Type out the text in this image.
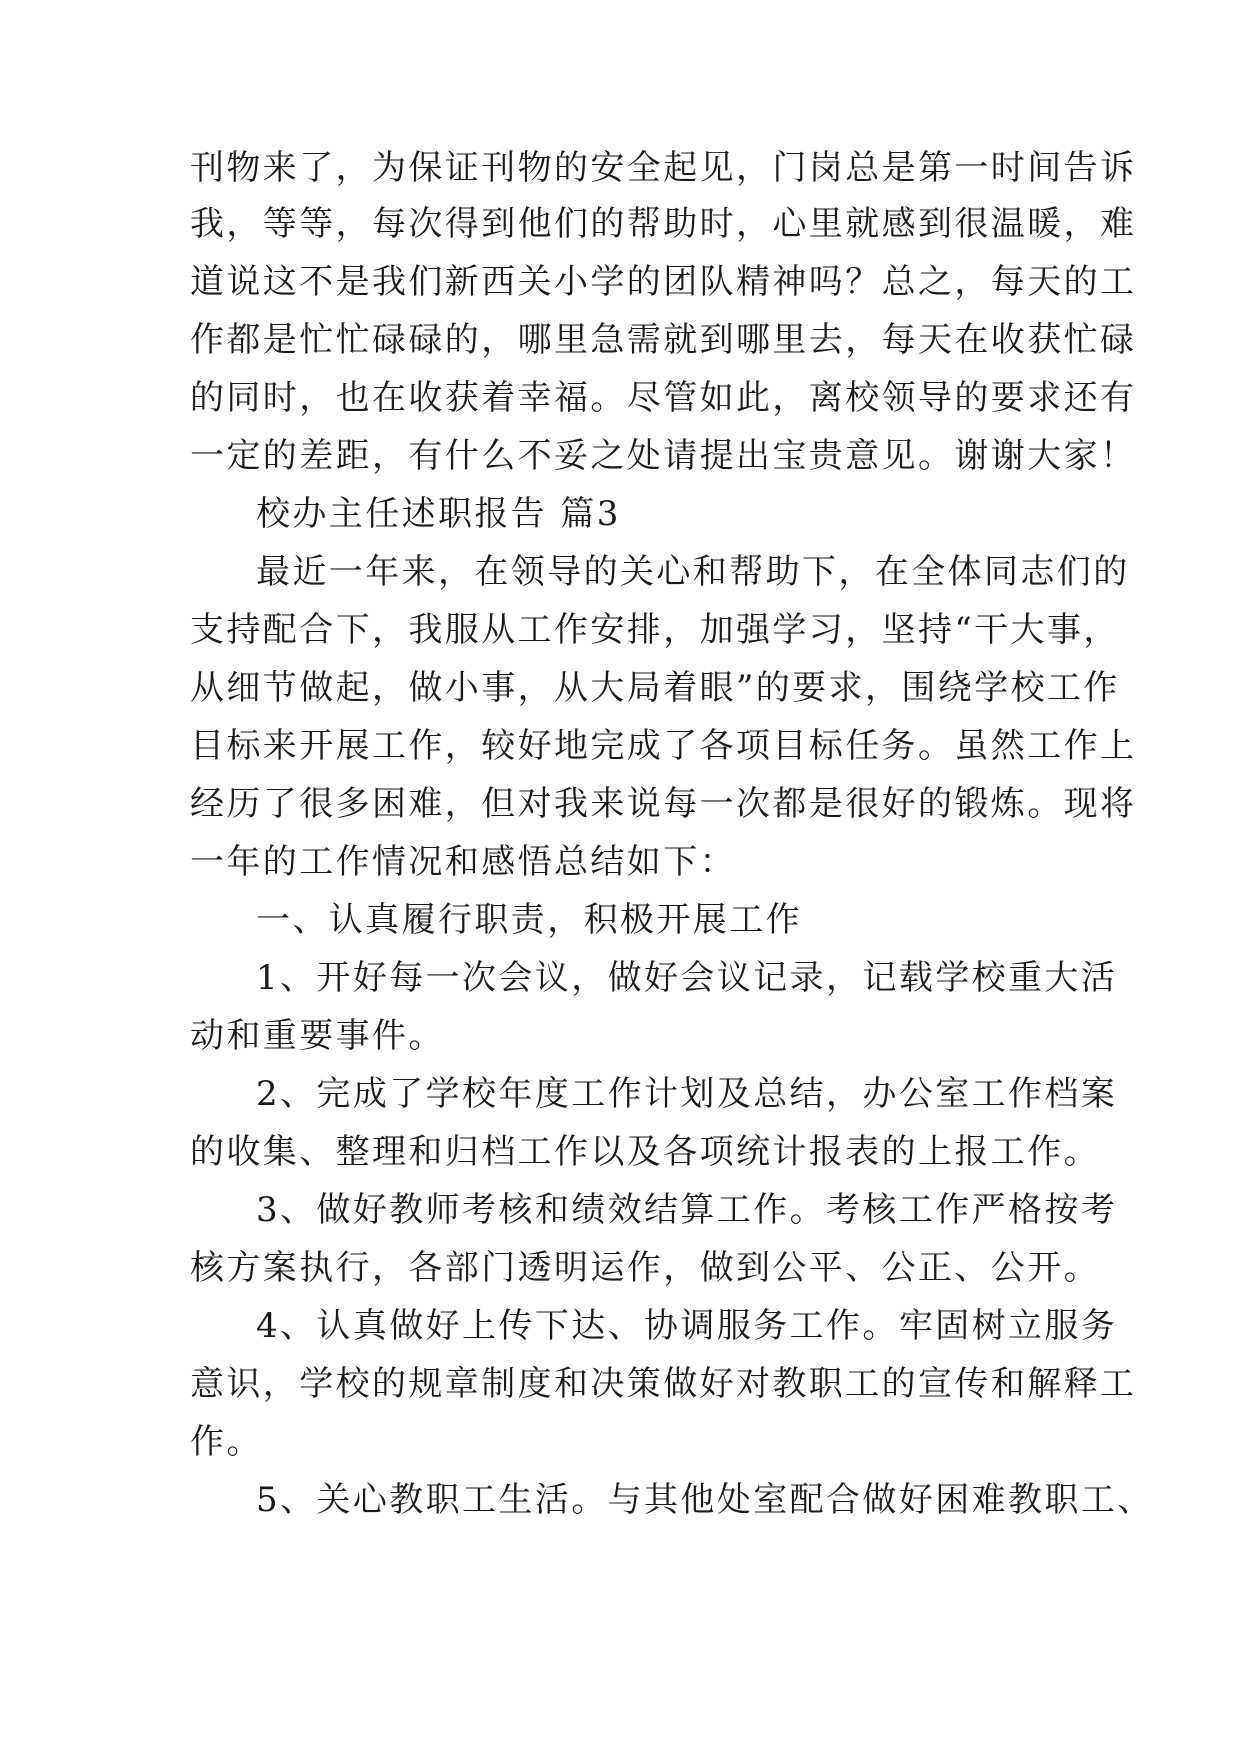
刊物来了，为保证刊物的安全起见，门岗总是第一时间告诉
我，等等，每次得到他们的帮助时，心里就感到很温暖，难
道说这不是我们新西关小学的团队精神吗？总之，每天的工
作都是忙忙碌碌的，哪里急需就到哪里去，每天在收获忙碌
的同时，也在收获着幸福。尽管如此，离校领导的要求还有
一定的差距，有什么不妥之处请提出宝贵意见。谢谢大家！
校办主任述职报告 篇3
最近一年来，在领导的关心和帮助下，在全体同志们的
支持配合下，我服从工作安排，加强学习，坚持“干大事，
从细节做起，做小事，从大局着眼”的要求，围绕学校工作
目标来开展工作，较好地完成了各项目标任务。虽然工作上
经历了很多困难，但对我来说每一次都是很好的锻炼。现将
一年的工作情况和感悟总结如下：
一、认真履行职责，积极开展工作
1、开好每一次会议，做好会议记录，记载学校重大活
动和重要事件。
2、完成了学校年度工作计划及总结，办公室工作档案
的收集、整理和归档工作以及各项统计报表的上报工作。
3、做好教师考核和绩效结算工作。考核工作严格按考
核方案执行，各部门透明运作，做到公平、公正、公开。
4、认真做好上传下达、协调服务工作。牢固树立服务
意识，学校的规章制度和决策做好对教职工的宣传和解释工
作。
5、关心教职工生活。与其他处室配合做好困难教职工、
